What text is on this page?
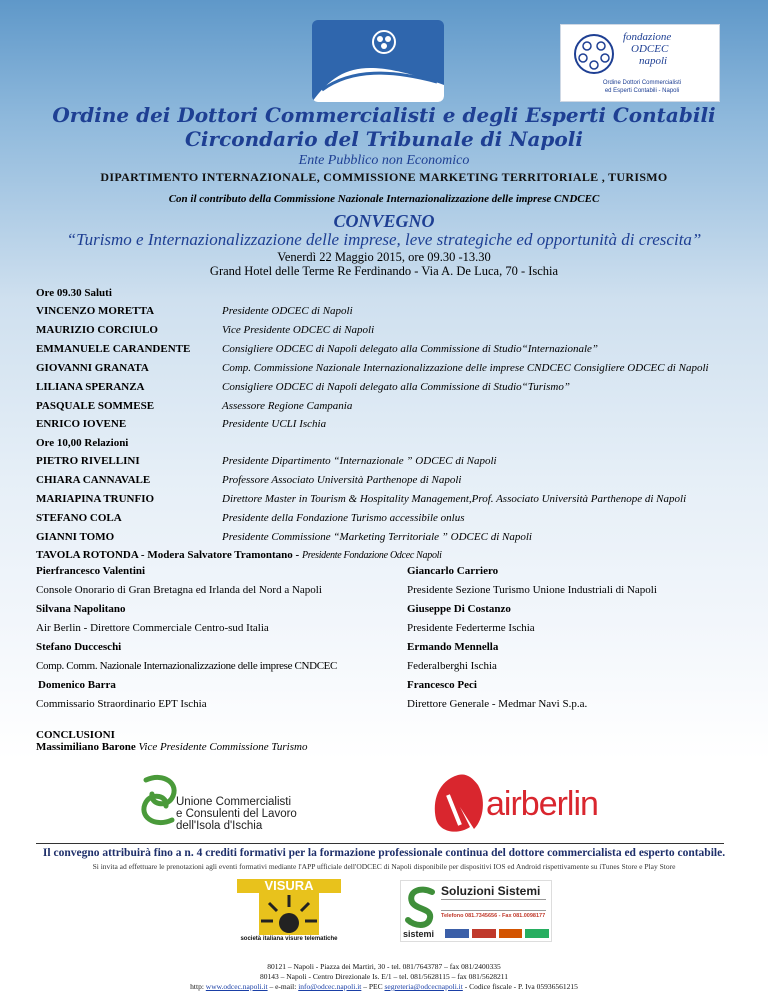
fondazione
ODCEC
napoli
Ordine Dottori Commercialisti
ed Esperti Contabili - Napoli
Ordine dei Dottori Commercialisti e degli Esperti Contabili
Circondario del Tribunale di Napoli
Ente Pubblico non Economico
DIPARTIMENTO INTERNAZIONALE, COMMISSIONE MARKETING TERRITORIALE , TURISMO
Con il contributo della Commissione Nazionale Internazionalizzazione delle imprese CNDCEC
CONVEGNO
“Turismo e Internazionalizzazione delle imprese, leve strategiche ed opportunità di crescita”
Venerdì 22 Maggio 2015, ore 09.30 -13.30
Grand Hotel delle Terme Re Ferdinando - Via A. De Luca, 70 - Ischia
Ore 09.30 Saluti
VINCENZO MORETTA	Presidente ODCEC di Napoli
MAURIZIO CORCIULO	Vice Presidente ODCEC di Napoli
EMMANUELE CARANDENTE	Consigliere ODCEC di Napoli delegato alla Commissione di Studio“Internazionale”
GIOVANNI GRANATA	Comp. Commissione Nazionale Internazionalizzazione delle imprese CNDCEC Consigliere ODCEC di Napoli
LILIANA SPERANZA	Consigliere ODCEC di Napoli delegato alla Commissione di Studio“Turismo”
PASQUALE SOMMESE	Assessore Regione Campania
ENRICO IOVENE	Presidente UCLI Ischia
Ore 10,00 Relazioni
PIETRO RIVELLINI	Presidente Dipartimento “Internazionale ” ODCEC di Napoli
CHIARA CANNAVALE	Professore Associato Università Parthenope di Napoli
MARIAPINA TRUNFIO	Direttore Master in Tourism & Hospitality Management,Prof. Associato Università Parthenope di Napoli
STEFANO COLA	Presidente della Fondazione Turismo accessibile onlus
GIANNI TOMO	Presidente Commissione “Marketing Territoriale ” ODCEC di Napoli
TAVOLA ROTONDA - Modera Salvatore Tramontano - Presidente Fondazione Odcec Napoli
Pierfrancesco Valentini
Console Onorario di Gran Bretagna ed Irlanda del Nord a Napoli
Silvana Napolitano
Air Berlin - Direttore Commerciale Centro-sud Italia
Stefano Ducceschi
Comp. Comm. Nazionale Internazionalizzazione delle imprese CNDCEC
Domenico Barra
Commissario Straordinario EPT Ischia
Giancarlo Carriero
Presidente Sezione Turismo Unione Industriali di Napoli
Giuseppe Di Costanzo
Presidente Federterme Ischia
Ermando Mennella
Federalberghi Ischia
Francesco Peci
Direttore Generale - Medmar Navi S.p.a.
CONCLUSIONI
Massimiliano Barone Vice Presidente Commissione Turismo
Unione Commercialisti
e Consulenti del Lavoro
dell'Isola d'Ischia
airberlin
Il convegno attribuirà fino a n. 4 crediti formativi per la formazione professionale continua del dottore commercialista ed esperto contabile.
Si invita ad effettuare le prenotazioni agli eventi formativi mediante l'APP ufficiale dell'ODCEC di Napoli disponibile per dispositivi IOS ed Android rispettivamente su iTunes Store e Play Store
VISURA
società italiana visure telematiche
Soluzioni Sistemi
Telefono 081.7345656 - Fax 081.0098177
sistemi
80121 – Napoli - Piazza dei Martiri, 30 - tel. 081/7643787 – fax 081/2400335
80143 – Napoli - Centro Direzionale Is. E/1 – tel. 081/5628115 – fax 081/5628211
http: www.odcec.napoli.it – e-mail: info@odcec.napoli.it – PEC segreteria@odcecnapoli.it - Codice fiscale - P. Iva 05936561215
